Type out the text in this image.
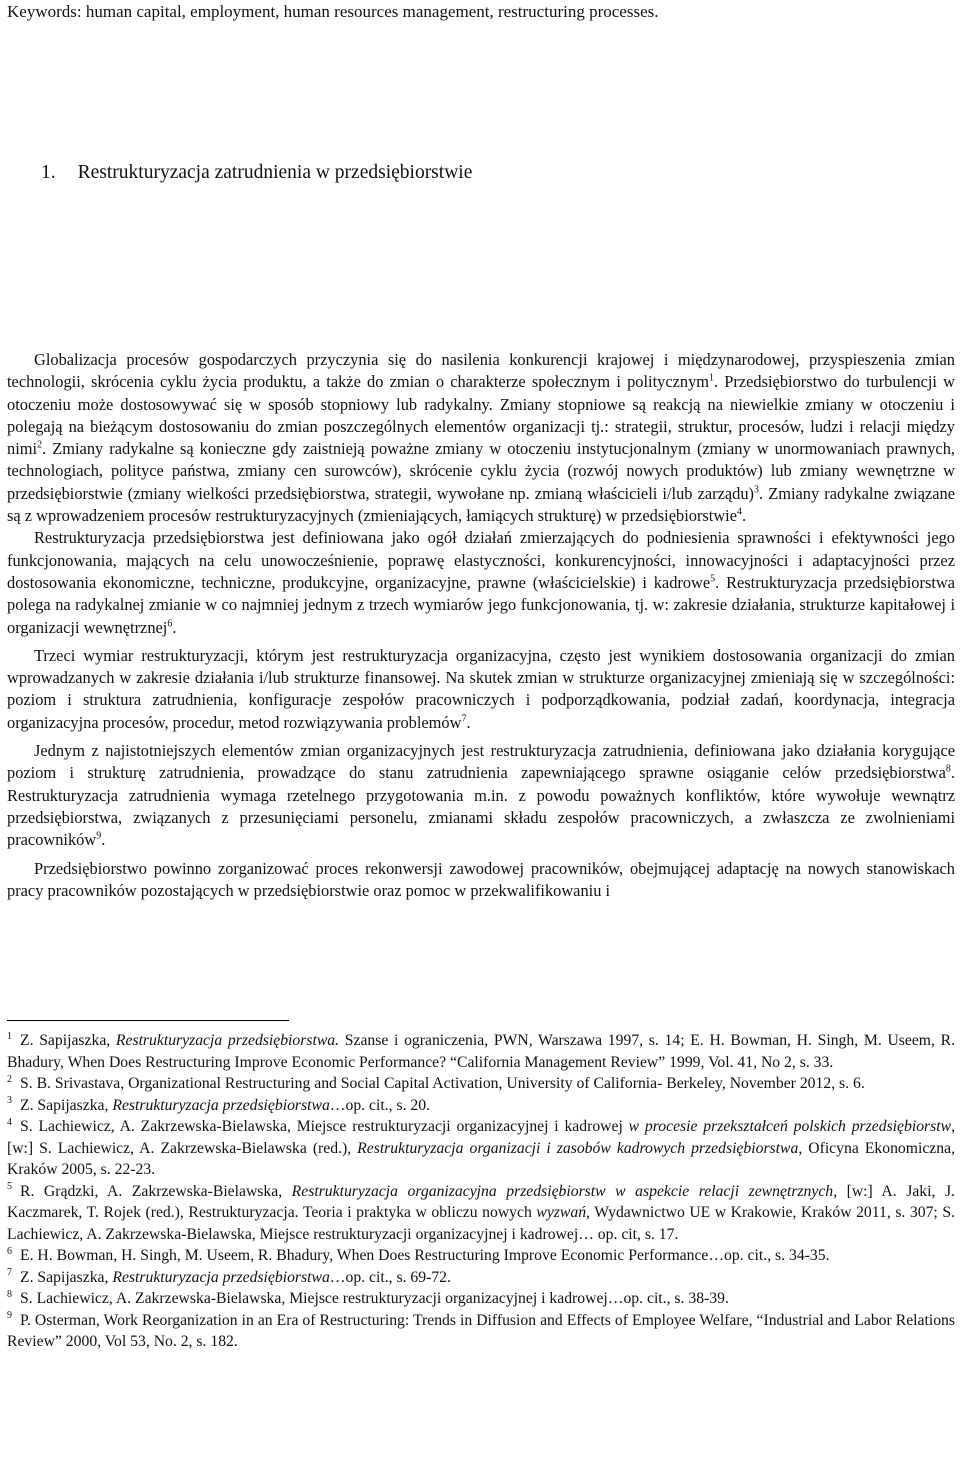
Keywords: human capital, employment, human resources management, restructuring processes.
1. Restrukturyzacja zatrudnienia w przedsiębiorstwie

Globalizacja procesów gospodarczych przyczynia się do nasilenia konkurencji krajowej i międzynarodowej, przyspieszenia zmian technologii, skrócenia cyklu życia produktu, a także do zmian o charakterze społecznym i politycznym$^1$. Przedsiębiorstwo do turbulencji w otoczeniu może dostosowywać się w sposób stopniowy lub radykalny. Zmiany stopniowe są reakcją na niewielkie zmiany w otoczeniu i polegają na bieżącym dostosowaniu do zmian poszczególnych elementów organizacji tj.: strategii, struktur, procesów, ludzi i relacji między nimi$^2$. Zmiany radykalne są konieczne gdy zaistnieją poważne zmiany w otoczeniu instytucjonalnym (zmiany w unormowaniach prawnych, technologiach, polityce państwa, zmiany cen surowców), skrócenie cyklu życia (rozwój nowych produktów) lub zmiany wewnętrzne w przedsiębiorstwie (zmiany wielkości przedsiębiorstwa, strategii, wywołane np. zmianą właścicieli i/lub zarządu)$^3$. Zmiany radykalne związane są z wprowadzeniem procesów restrukturyzacyjnych (zmieniających, łamiących strukturę) w przedsiębiorstwie$^4$.

Restrukturyzacja przedsiębiorstwa jest definiowana jako ogół działań zmierzających do podniesienia sprawności i efektywności jego funkcjonowania, mających na celu unowocześnienie, poprawę elastyczności, konkurencyjności, innowacyjności i adaptacyjności przez dostosowania ekonomiczne, techniczne, produkcyjne, organizacyjne, prawne (właścicielskie) i kadrowe$^5$. Restrukturyzacja przedsiębiorstwa polega na radykalnej zmianie w co najmniej jednym z trzech wymiarów jego funkcjonowania, tj. w: zakresie działania, strukturze kapitałowej i organizacji wewnętrznej$^6$.

Trzeci wymiar restrukturyzacji, którym jest restrukturyzacja organizacyjna, często jest wynikiem dostosowania organizacji do zmian wprowadzanych w zakresie działania i/lub strukturze finansowej. Na skutek zmian w strukturze organizacyjnej zmieniają się w szczególności: poziom i struktura zatrudnienia, konfiguracje zespołów pracowniczych i podporządkowania, podział zadań, koordynacja, integracja organizacyjna procesów, procedur, metod rozwiązywania problemów$^7$.

Jednym z najistotniejszych elementów zmian organizacyjnych jest restrukturyzacja zatrudnienia, definiowana jako działania korygujące poziom i strukturę zatrudnienia, prowadzące do stanu zatrudnienia zapewniającego sprawne osiąganie celów przedsiębiorstwa$^8$. Restrukturyzacja zatrudnienia wymaga rzetelnego przygotowania m.in. z powodu poważnych konfliktów, które wywołuje wewnątrz przedsiębiorstwa, związanych z przesunięciami personelu, zmianami składu zespołów pracowniczych, a zwłaszcza ze zwolnieniami pracowników$^9$.

Przedsiębiorstwo powinno zorganizować proces rekonwersji zawodowej pracowników, obejmującej adaptację na nowych stanowiskach pracy pracowników pozostających w przedsiębiorstwie oraz pomoc w przekwalifikowaniu i

$^1$ Z. Sapijaszka, Restrukturyzacja przedsiębiorstwa. Szanse i ograniczenia, PWN, Warszawa 1997, s. 14; E. H. Bowman, H. Singh, M. Useem, R. Bhadury, When Does Restructuring Improve Economic Performance? “California Management Review” 1999, Vol. 41, No 2, s. 33.

$^2$ S. B. Srivastava, Organizational Restructuring and Social Capital Activation, University of California- Berkeley, November 2012, s. 6.

$^3$ Z. Sapijaszka, Restrukturyzacja przedsiębiorstwa…op. cit., s. 20.

$^4$ S. Lachiewicz, A. Zakrzewska-Bielawska, Miejsce restrukturyzacji organizacyjnej i kadrowej w procesie przekształceń polskich przedsiębiorstw, [w:] S. Lachiewicz, A. Zakrzewska-Bielawska (red.), Restrukturyzacja organizacji i zasobów kadrowych przedsiębiorstwa, Oficyna Ekonomiczna, Kraków 2005, s. 22-23.

$^5$ R. Grądzki, A. Zakrzewska-Bielawska, Restrukturyzacja organizacyjna przedsiębiorstw w aspekcie relacji zewnętrznych, [w:] A. Jaki, J. Kaczmarek, T. Rojek (red.), Restrukturyzacja. Teoria i praktyka w obliczu nowych wyzwań, Wydawnictwo UE w Krakowie, Kraków 2011, s. 307; S. Lachiewicz, A. Zakrzewska-Bielawska, Miejsce restrukturyzacji organizacyjnej i kadrowej… op. cit, s. 17.

$^6$ E. H. Bowman, H. Singh, M. Useem, R. Bhadury, When Does Restructuring Improve Economic Performance…op. cit., s. 34-35.

$^7$ Z. Sapijaszka, Restrukturyzacja przedsiębiorstwa…op. cit., s. 69-72.

$^8$ S. Lachiewicz, A. Zakrzewska-Bielawska, Miejsce restrukturyzacji organizacyjnej i kadrowej…op. cit., s. 38-39.

$^9$ P. Osterman, Work Reorganization in an Era of Restructuring: Trends in Diffusion and Effects of Employee Welfare, “Industrial and Labor Relations Review” 2000, Vol 53, No. 2, s. 182.
